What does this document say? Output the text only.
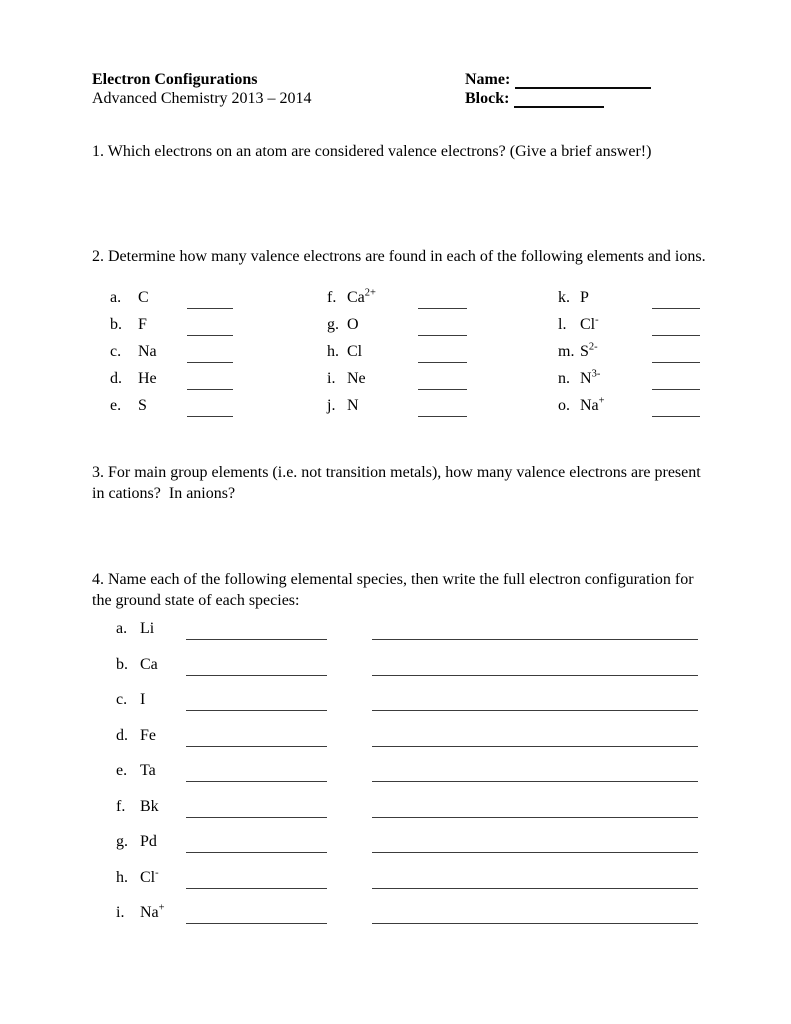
Electron Configurations
Advanced Chemistry 2013 – 2014
Name:
Block:
1. Which electrons on an atom are considered valence electrons? (Give a brief answer!)
2. Determine how many valence electrons are found in each of the following elements and ions.
a.	C
b.	F
c.	Na
d.	He
e.	S
f. $Ca^{2+}$
g. O
h. Cl
i. Ne
j. N
k. P
l. Cl-
m. $S^{2-}$
n. $N^{3-}$
o. Na+
3. For main group elements (i.e. not transition metals), how many valence electrons are present
in cations?  In anions?
4. Name each of the following elemental species, then write the full electron configuration for
the ground state of each species:
a. Li
b. Ca
c. I
d. Fe
e. Ta
f. Bk
g. Pd
h. Cl-
i. Na+
